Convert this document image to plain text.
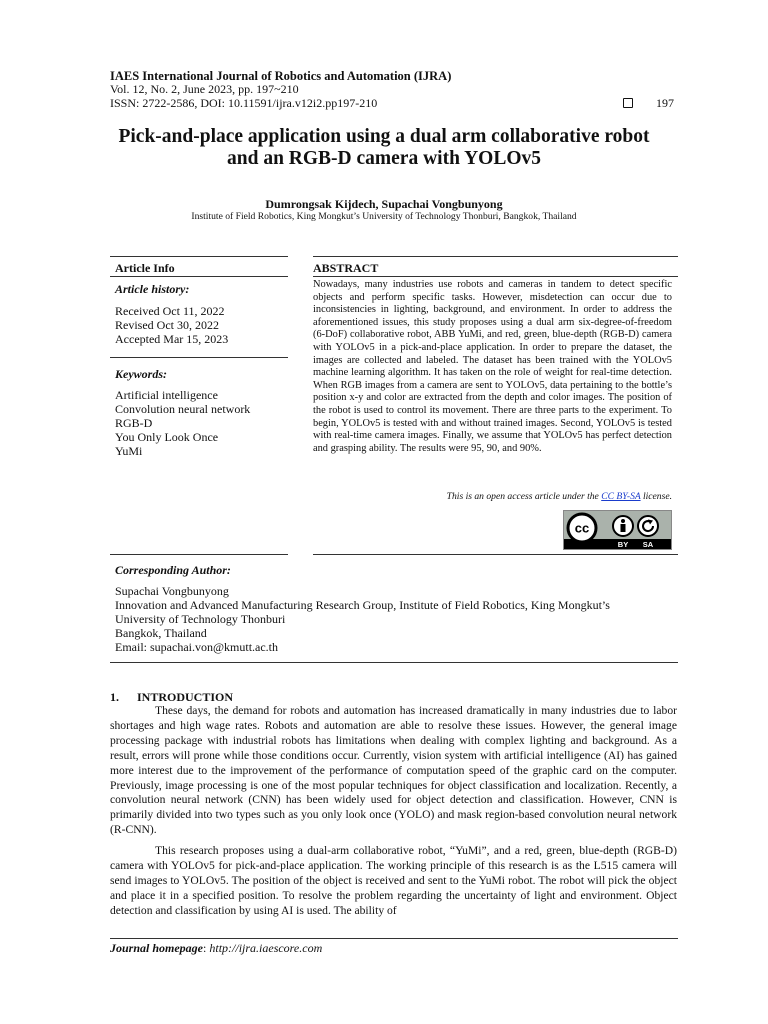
IAES International Journal of Robotics and Automation (IJRA)
Vol. 12, No. 2, June 2023, pp. 197~210
ISSN: 2722-2586, DOI: 10.11591/ijra.v12i2.pp197-210	197
Pick-and-place application using a dual arm collaborative robot
and an RGB-D camera with YOLOv5
Dumrongsak Kijdech, Supachai Vongbunyong
Institute of Field Robotics, King Mongkut’s University of Technology Thonburi, Bangkok, Thailand
Article Info
Article history:
Received Oct 11, 2022
Revised Oct 30, 2022
Accepted Mar 15, 2023
Keywords:
Artificial intelligence
Convolution neural network
RGB-D
You Only Look Once
YuMi
ABSTRACT
Nowadays, many industries use robots and cameras in tandem to detect specific objects and perform specific tasks. However, misdetection can occur due to inconsistencies in lighting, background, and environment. In order to address the aforementioned issues, this study proposes using a dual arm six-degree-of-freedom (6-DoF) collaborative robot, ABB YuMi, and red, green, blue-depth (RGB-D) camera with YOLOv5 in a pick-and-place application. In order to prepare the dataset, the images are collected and labeled. The dataset has been trained with the YOLOv5 machine learning algorithm. It has taken on the role of weight for real-time detection. When RGB images from a camera are sent to YOLOv5, data pertaining to the bottle’s position x-y and color are extracted from the depth and color images. The position of the robot is used to control its movement. There are three parts to the experiment. To begin, YOLOv5 is tested with and without trained images. Second, YOLOv5 is tested with real-time camera images. Finally, we assume that YOLOv5 has perfect detection and grasping ability. The results were 95, 90, and 90%.
This is an open access article under the CC BY-SA license.
cc
BY SA
Corresponding Author:
Supachai Vongbunyong
Innovation and Advanced Manufacturing Research Group, Institute of Field Robotics, King Mongkut’s
University of Technology Thonburi
Bangkok, Thailand
Email: supachai.von@kmutt.ac.th
1. INTRODUCTION
These days, the demand for robots and automation has increased dramatically in many industries due to labor shortages and high wage rates. Robots and automation are able to resolve these issues. However, the general image processing package with industrial robots has limitations when dealing with complex lighting and background. As a result, errors will prone while those conditions occur. Currently, vision system with artificial intelligence (AI) has gained more interest due to the improvement of the performance of computation speed of the graphic card on the computer. Previously, image processing is one of the most popular techniques for object classification and localization. Recently, a convolution neural network (CNN) has been widely used for object detection and classification. However, CNN is primarily divided into two types such as you only look once (YOLO) and mask region-based convolution neural network (R-CNN).
This research proposes using a dual-arm collaborative robot, “YuMi”, and a red, green, blue-depth (RGB-D) camera with YOLOv5 for pick-and-place application. The working principle of this research is as the L515 camera will send images to YOLOv5. The position of the object is received and sent to the YuMi robot. The robot will pick the object and place it in a specified position. To resolve the problem regarding the uncertainty of light and environment. Object detection and classification by using AI is used. The ability of
Journal homepage: http://ijra.iaescore.com
